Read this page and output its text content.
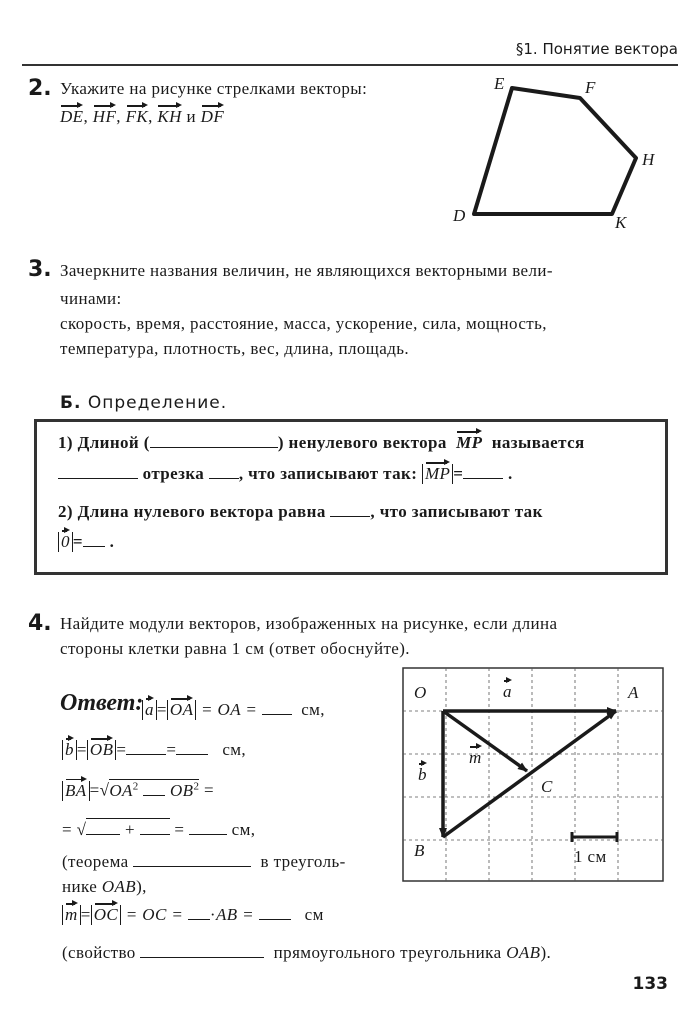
§1. Понятие вектора
2. Укажите на рисунке стрелками векторы:
DE, HF, FK, KH и DF
E	F
H
D	K
3. Зачеркните названия величин, не являющихся векторными вели-
чинами:
скорость, время, расстояние, масса, ускорение, сила, мощность,
температура, плотность, вес, длина, площадь.
Б. Определение.
1) Длиной (	) ненулевого вектора MP называется
отрезка , что записывают так: MP =	.
2) Длина нулевого вектора равна	, что записывают так
0 = .
4. Найдите модули векторов, изображенных на рисунке, если длина
стороны клетки равна 1 см (ответ обоснуйте).
Ответ: a = OA = OA =	см,
b = OB = =	см,
BA $=√OA^2$ $OB^2$ =
= √ + =	см,
(теорема	в треуголь-
нике OAB),
m = OC = OC = ·AB =	см
(свойство	прямоугольного треугольника OAB).
O	A
B
C
a
b
m
1 см
133
